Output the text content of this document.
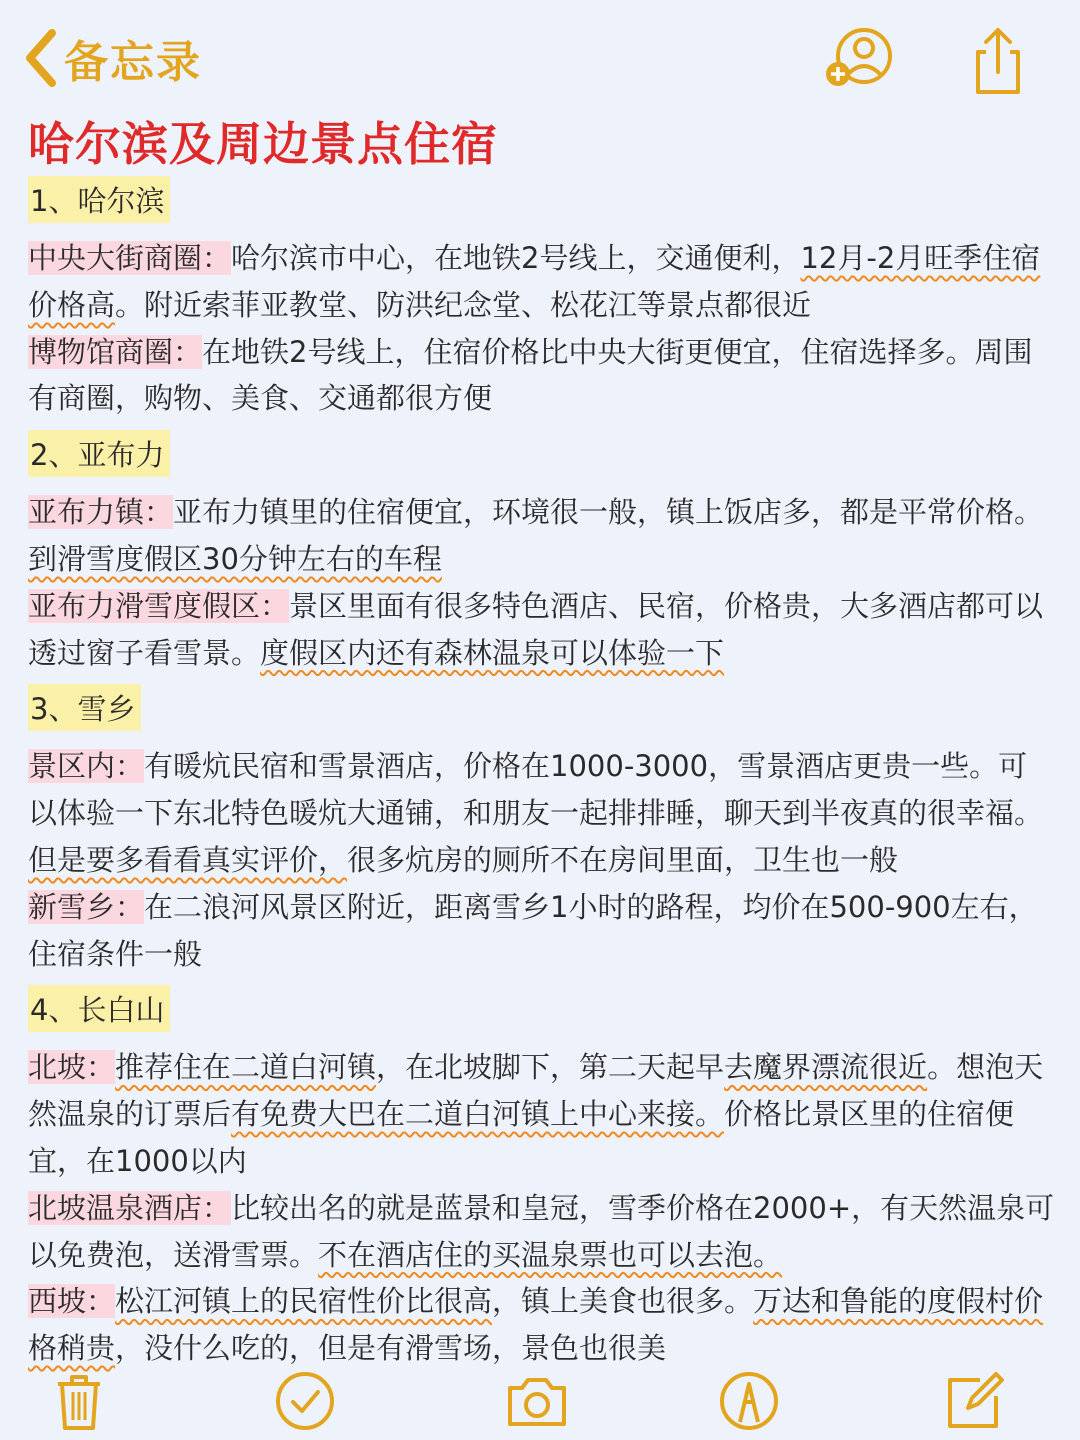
备忘录
哈尔滨及周边景点住宿
1、哈尔滨

中央大街商圈：哈尔滨市中心，在地铁2号线上，交通便利，12月-2月旺季住宿价格高。附近索菲亚教堂、防洪纪念堂、松花江等景点都很近

博物馆商圈：在地铁2号线上，住宿价格比中央大街更便宜，住宿选择多。周围有商圈，购物、美食、交通都很方便

2、亚布力

亚布力镇：亚布力镇里的住宿便宜，环境很一般，镇上饭店多，都是平常价格。到滑雪度假区30分钟左右的车程

亚布力滑雪度假区：景区里面有很多特色酒店、民宿，价格贵，大多酒店都可以透过窗子看雪景。度假区内还有森林温泉可以体验一下

3、雪乡

景区内：有暖炕民宿和雪景酒店，价格在1000-3000，雪景酒店更贵一些。可以体验一下东北特色暖炕大通铺，和朋友一起排排睡，聊天到半夜真的很幸福。但是要多看看真实评价，很多炕房的厕所不在房间里面，卫生也一般

新雪乡：在二浪河风景区附近，距离雪乡1小时的路程，均价在500-900左右，住宿条件一般

4、长白山

北坡：推荐住在二道白河镇，在北坡脚下，第二天起早去魔界漂流很近。想泡天然温泉的订票后有免费大巴在二道白河镇上中心来接。价格比景区里的住宿便宜，在1000以内

北坡温泉酒店：比较出名的就是蓝景和皇冠，雪季价格在2000+，有天然温泉可以免费泡，送滑雪票。不在酒店住的买温泉票也可以去泡。

西坡：松江河镇上的民宿性价比很高，镇上美食也很多。万达和鲁能的度假村价格稍贵，没什么吃的，但是有滑雪场，景色也很美
